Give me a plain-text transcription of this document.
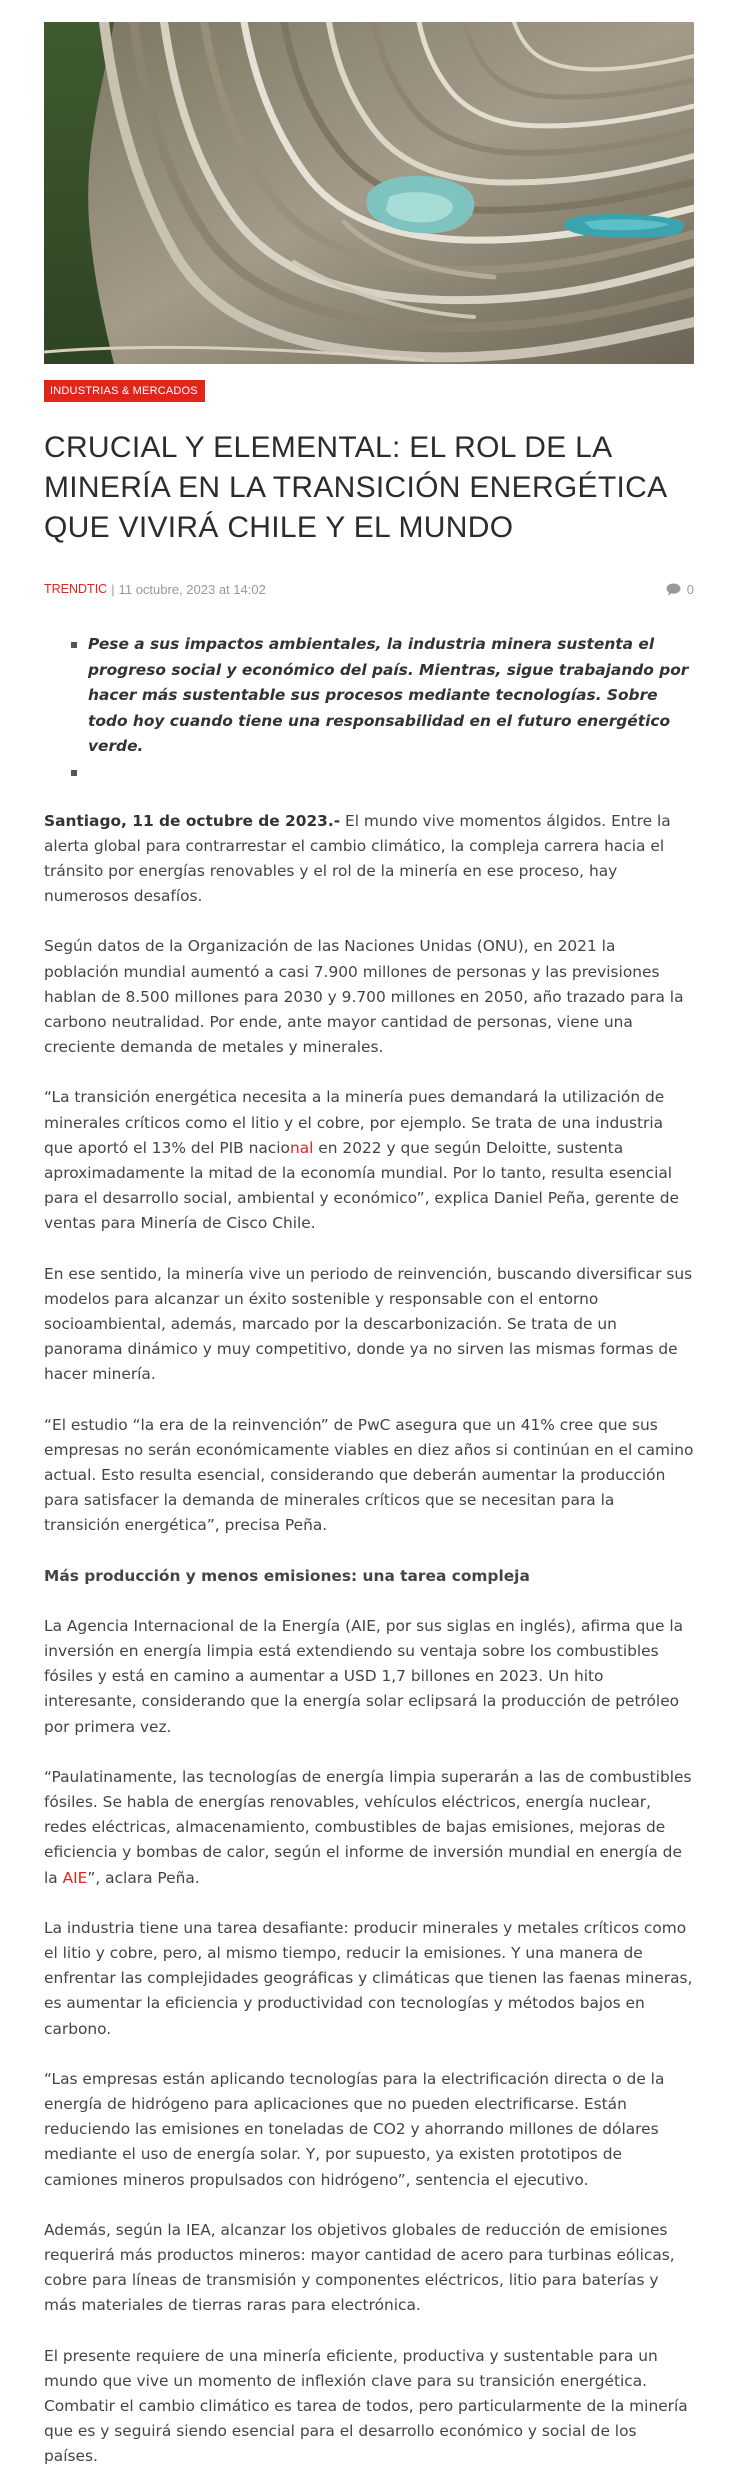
INDUSTRIAS & MERCADOS
CRUCIAL Y ELEMENTAL: EL ROL DE LA MINERÍA EN LA TRANSICIÓN ENERGÉTICA QUE VIVIRÁ CHILE Y EL MUNDO
TRENDTIC | 11 octubre, 2023 at 14:02	0
Pese a sus impactos ambientales, la industria minera sustenta el progreso social y económico del país. Mientras, sigue trabajando por hacer más sustentable sus procesos mediante tecnologías. Sobre todo hoy cuando tiene una responsabilidad en el futuro energético verde.

Santiago, 11 de octubre de 2023.- El mundo vive momentos álgidos. Entre la alerta global para contrarrestar el cambio climático, la compleja carrera hacia el tránsito por energías renovables y el rol de la minería en ese proceso, hay numerosos desafíos.

Según datos de la Organización de las Naciones Unidas (ONU), en 2021 la población mundial aumentó a casi 7.900 millones de personas y las previsiones hablan de 8.500 millones para 2030 y 9.700 millones en 2050, año trazado para la carbono neutralidad. Por ende, ante mayor cantidad de personas, viene una creciente demanda de metales y minerales.

“La transición energética necesita a la minería pues demandará la utilización de minerales críticos como el litio y el cobre, por ejemplo. Se trata de una industria que aportó el 13% del PIB nacional en 2022 y que según Deloitte, sustenta aproximadamente la mitad de la economía mundial. Por lo tanto, resulta esencial para el desarrollo social, ambiental y económico”, explica Daniel Peña, gerente de ventas para Minería de Cisco Chile.

En ese sentido, la minería vive un periodo de reinvención, buscando diversificar sus modelos para alcanzar un éxito sostenible y responsable con el entorno socioambiental, además, marcado por la descarbonización. Se trata de un panorama dinámico y muy competitivo, donde ya no sirven las mismas formas de hacer minería.

“El estudio “la era de la reinvención” de PwC asegura que un 41% cree que sus empresas no serán económicamente viables en diez años si continúan en el camino actual. Esto resulta esencial, considerando que deberán aumentar la producción para satisfacer la demanda de minerales críticos que se necesitan para la transición energética”, precisa Peña.

Más producción y menos emisiones: una tarea compleja

La Agencia Internacional de la Energía (AIE, por sus siglas en inglés), afirma que la inversión en energía limpia está extendiendo su ventaja sobre los combustibles fósiles y está en camino a aumentar a USD 1,7 billones en 2023. Un hito interesante, considerando que la energía solar eclipsará la producción de petróleo por primera vez.

“Paulatinamente, las tecnologías de energía limpia superarán a las de combustibles fósiles. Se habla de energías renovables, vehículos eléctricos, energía nuclear, redes eléctricas, almacenamiento, combustibles de bajas emisiones, mejoras de eficiencia y bombas de calor, según el informe de inversión mundial en energía de la AIE”, aclara Peña.

La industria tiene una tarea desafiante: producir minerales y metales críticos como el litio y cobre, pero, al mismo tiempo, reducir la emisiones. Y una manera de enfrentar las complejidades geográficas y climáticas que tienen las faenas mineras, es aumentar la eficiencia y productividad con tecnologías y métodos bajos en carbono.

“Las empresas están aplicando tecnologías para la electrificación directa o de la energía de hidrógeno para aplicaciones que no pueden electrificarse. Están reduciendo las emisiones en toneladas de CO2 y ahorrando millones de dólares mediante el uso de energía solar. Y, por supuesto, ya existen prototipos de camiones mineros propulsados con hidrógeno”, sentencia el ejecutivo.

Además, según la IEA, alcanzar los objetivos globales de reducción de emisiones requerirá más productos mineros: mayor cantidad de acero para turbinas eólicas, cobre para líneas de transmisión y componentes eléctricos, litio para baterías y más materiales de tierras raras para electrónica.

El presente requiere de una minería eficiente, productiva y sustentable para un mundo que vive un momento de inflexión clave para su transición energética. Combatir el cambio climático es tarea de todos, pero particularmente de la minería que es y seguirá siendo esencial para el desarrollo económico y social de los países.
